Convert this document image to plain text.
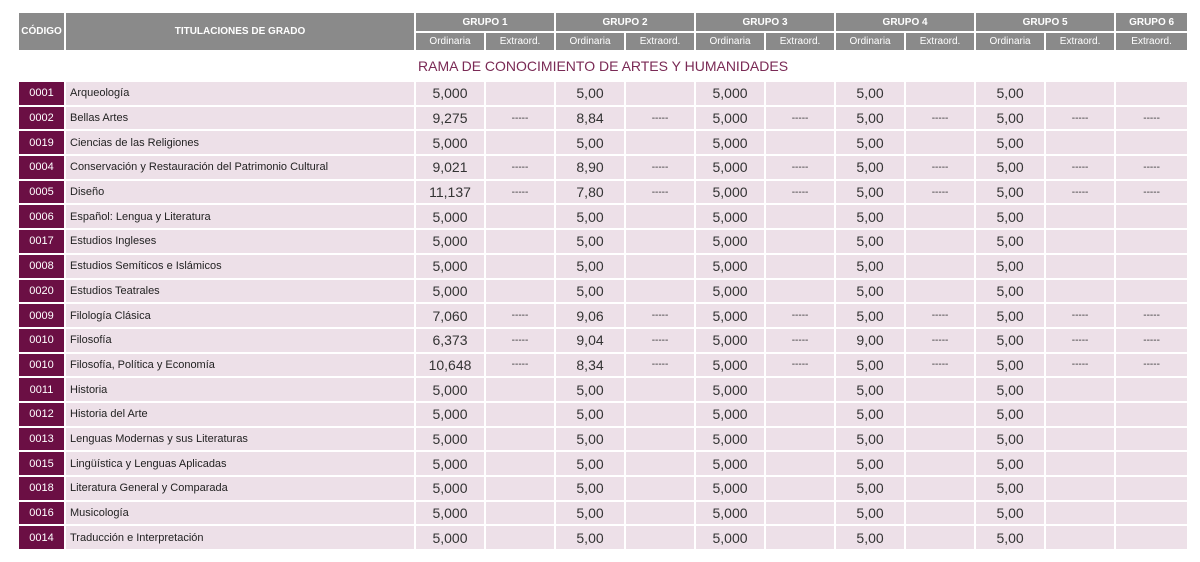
CÓDIGO	TITULACIONES DE GRADO	GRUPO 1		GRUPO 2		GRUPO 3		GRUPO 4		GRUPO 5		GRUPO 6
		Ordinaria	Extraord.	Ordinaria	Extraord.	Ordinaria	Extraord.	Ordinaria	Extraord.	Ordinaria	Extraord.	Extraord.
RAMA DE CONOCIMIENTO DE ARTES Y HUMANIDADES												
0001	Arqueología	5,000		5,00		5,000		5,00		5,00		
0002	Bellas Artes	9,275	-----	8,84	-----	5,000	-----	5,00	-----	5,00	-----	-----
0019	Ciencias de las Religiones	5,000		5,00		5,000		5,00		5,00		
0004	Conservación y Restauración del Patrimonio Cultural	9,021	-----	8,90	-----	5,000	-----	5,00	-----	5,00	-----	-----
0005	Diseño	11,137	-----	7,80	-----	5,000	-----	5,00	-----	5,00	-----	-----
0006	Español: Lengua y Literatura	5,000		5,00		5,000		5,00		5,00		
0017	Estudios Ingleses	5,000		5,00		5,000		5,00		5,00		
0008	Estudios Semíticos e Islámicos	5,000		5,00		5,000		5,00		5,00		
0020	Estudios Teatrales	5,000		5,00		5,000		5,00		5,00		
0009	Filología Clásica	7,060	-----	9,06	-----	5,000	-----	5,00	-----	5,00	-----	-----
0010	Filosofía	6,373	-----	9,04	-----	5,000	-----	9,00	-----	5,00	-----	-----
0010	Filosofía, Política y Economía	10,648	-----	8,34	-----	5,000	-----	5,00	-----	5,00	-----	-----
0011	Historia	5,000		5,00		5,000		5,00		5,00		
0012	Historia del Arte	5,000		5,00		5,000		5,00		5,00		
0013	Lenguas Modernas y sus Literaturas	5,000		5,00		5,000		5,00		5,00		
0015	Lingüística y Lenguas Aplicadas	5,000		5,00		5,000		5,00		5,00		
0018	Literatura General y Comparada	5,000		5,00		5,000		5,00		5,00		
0016	Musicología	5,000		5,00		5,000		5,00		5,00		
0014	Traducción e Interpretación	5,000		5,00		5,000		5,00		5,00		
